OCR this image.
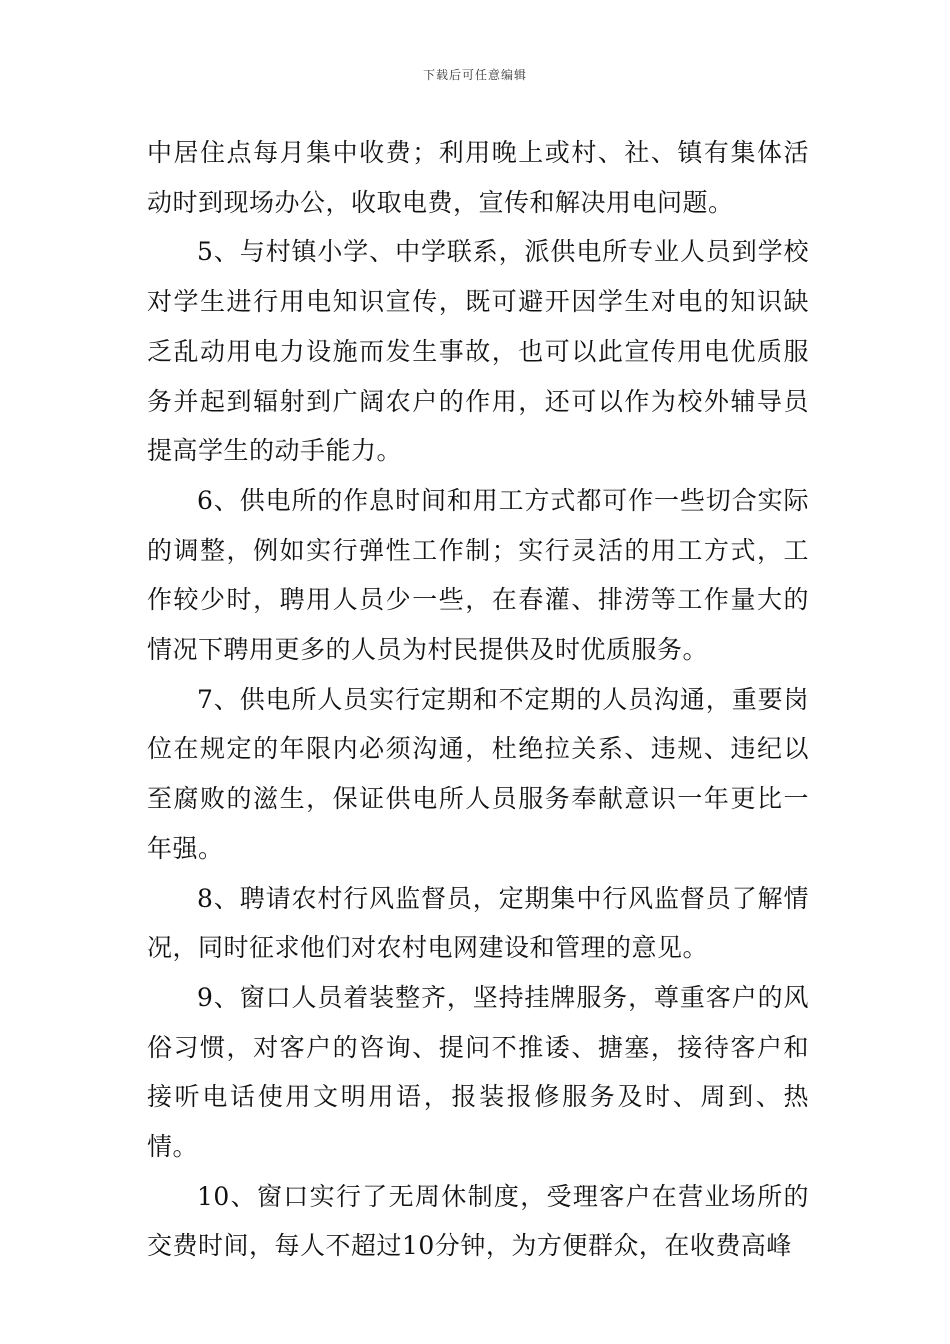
下载后可任意编辑

中居住点每月集中收费；利用晚上或村、社、镇有集体活动时到现场办公，收取电费，宣传和解决用电问题。

5、与村镇小学、中学联系，派供电所专业人员到学校对学生进行用电知识宣传，既可避开因学生对电的知识缺乏乱动用电力设施而发生事故，也可以此宣传用电优质服务并起到辐射到广阔农户的作用，还可以作为校外辅导员提高学生的动手能力。

6、供电所的作息时间和用工方式都可作一些切合实际的调整，例如实行弹性工作制；实行灵活的用工方式，工作较少时，聘用人员少一些，在春灌、排涝等工作量大的情况下聘用更多的人员为村民提供及时优质服务。

7、供电所人员实行定期和不定期的人员沟通，重要岗位在规定的年限内必须沟通，杜绝拉关系、违规、违纪以至腐败的滋生，保证供电所人员服务奉献意识一年更比一年强。

8、聘请农村行风监督员，定期集中行风监督员了解情况，同时征求他们对农村电网建设和管理的意见。

9、窗口人员着装整齐，坚持挂牌服务，尊重客户的风俗习惯，对客户的咨询、提问不推诿、搪塞，接待客户和接听电话使用文明用语，报装报修服务及时、周到、热情。

10、窗口实行了无周休制度，受理客户在营业场所的交费时间，每人不超过10分钟，为方便群众，在收费高峰
